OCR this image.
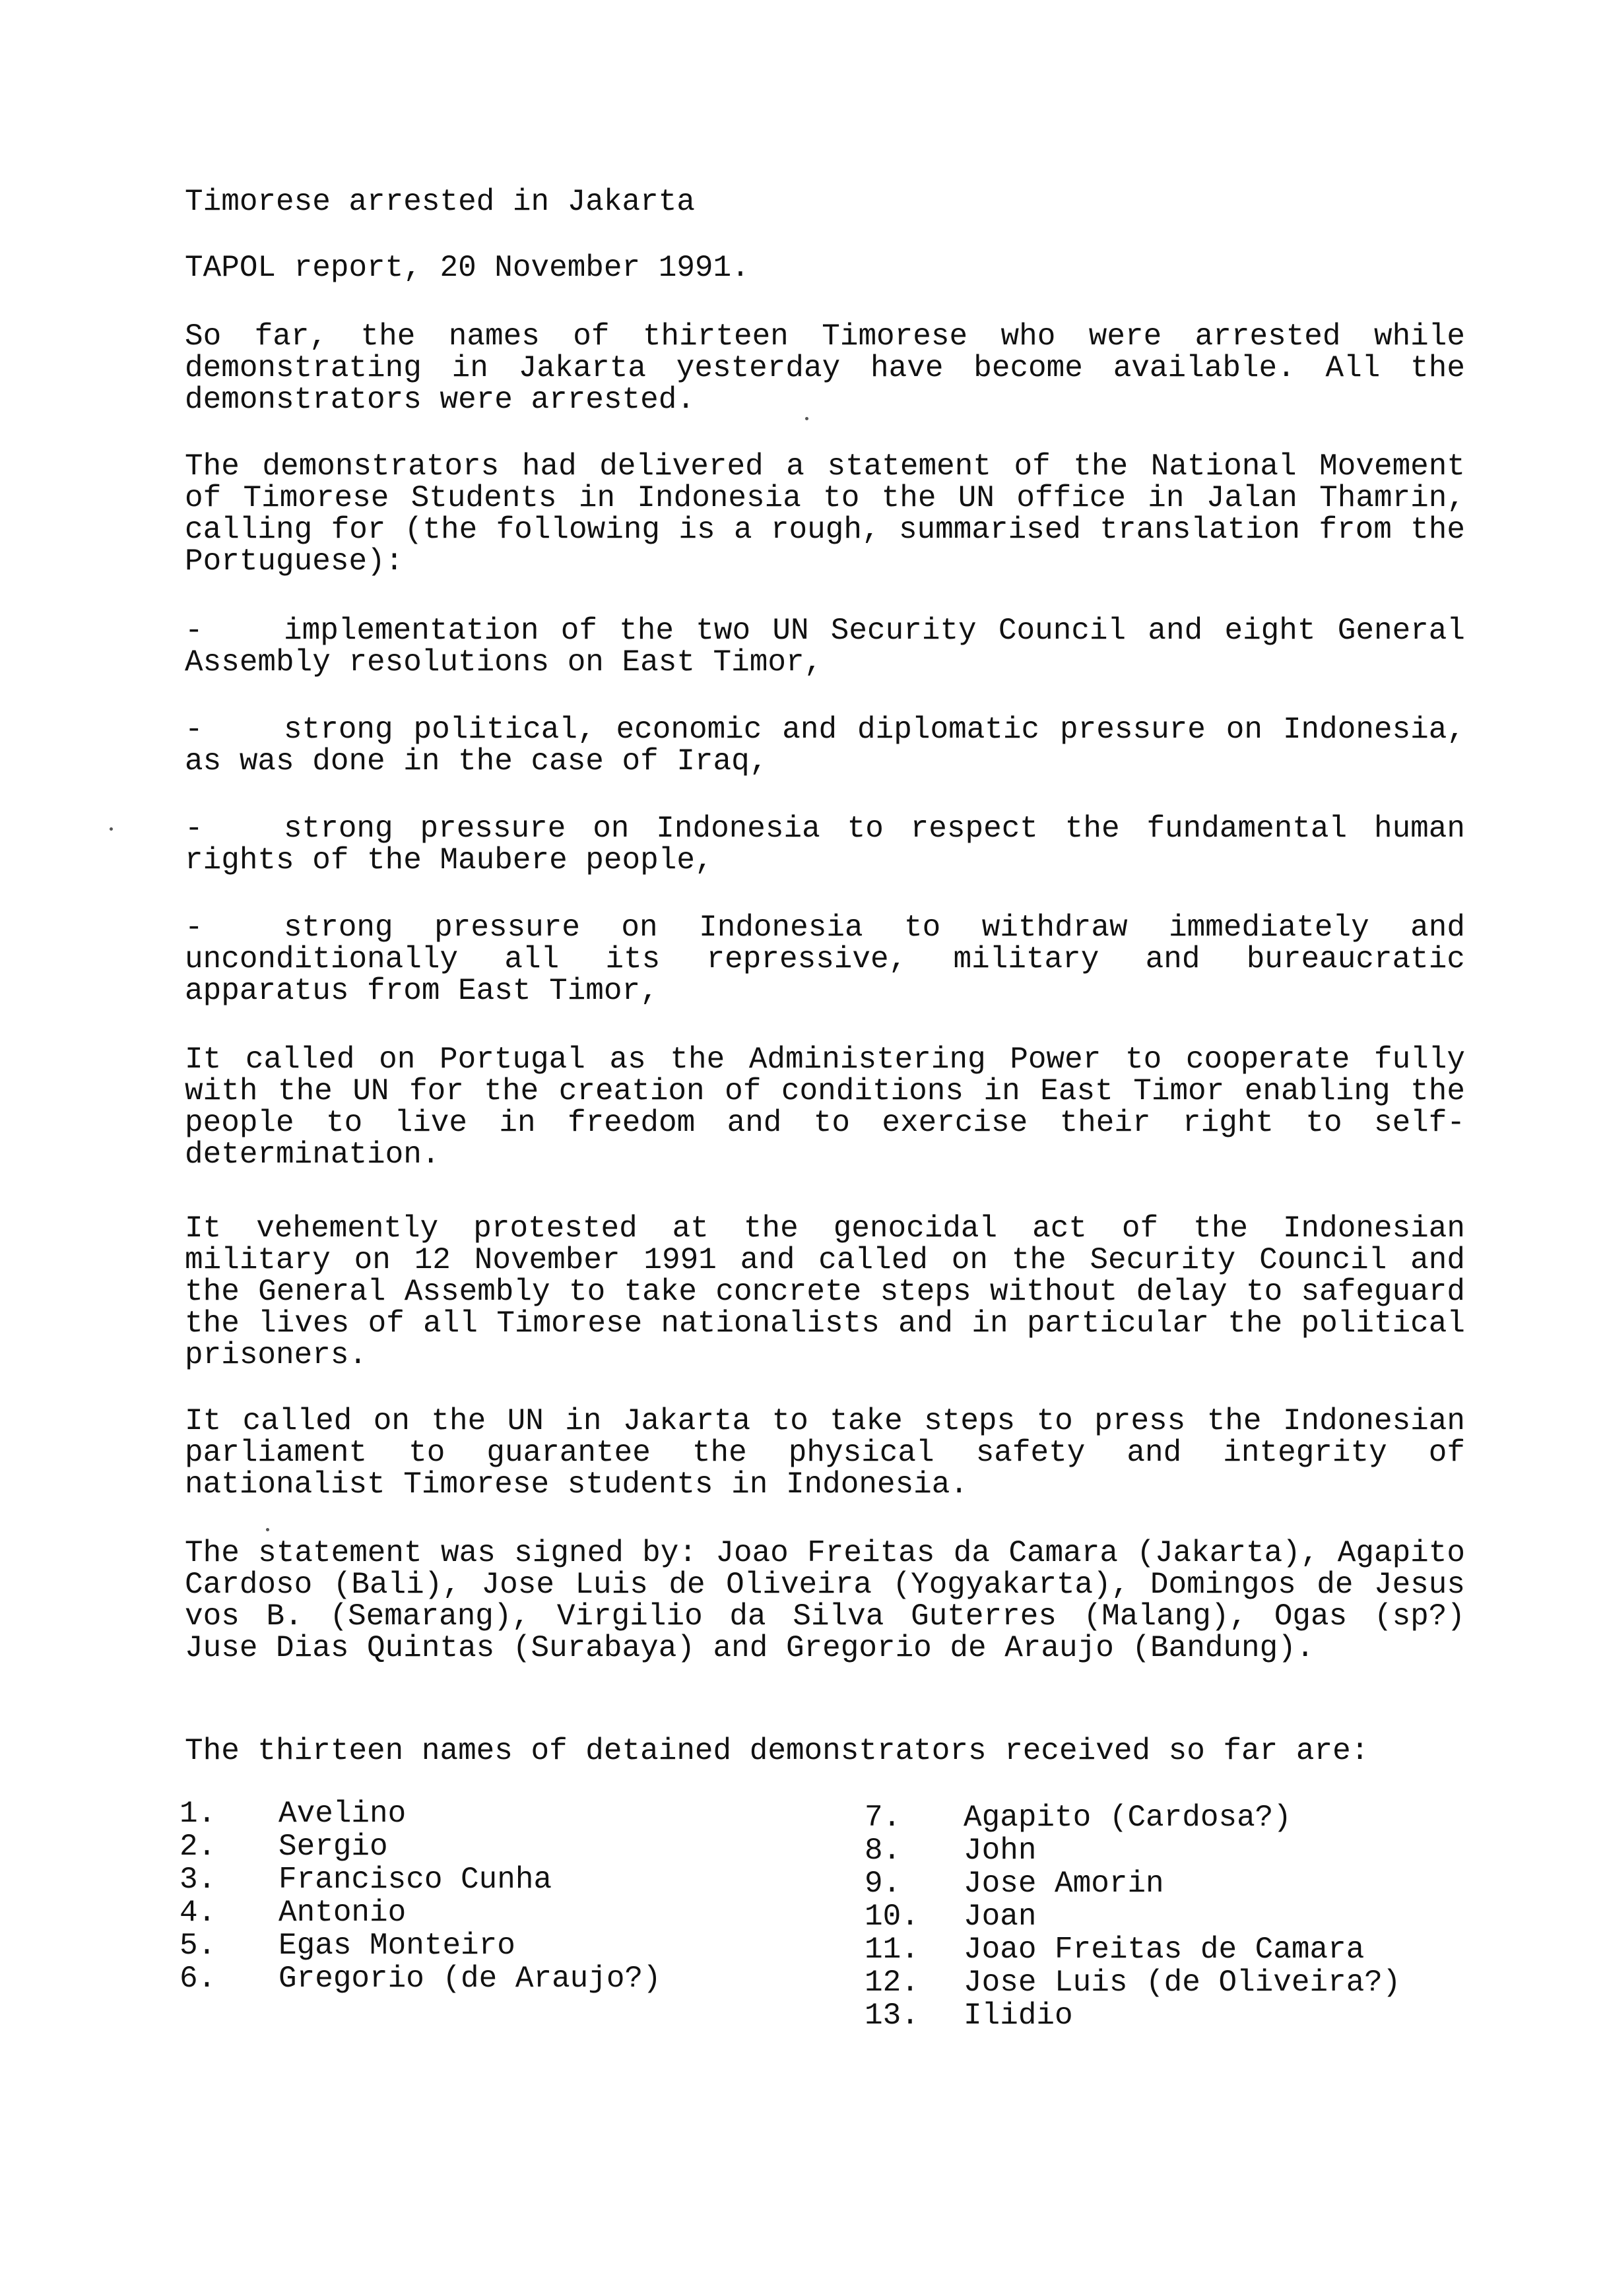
Timorese arrested in Jakarta

TAPOL report, 20 November 1991.

So far, the names of thirteen Timorese who were arrested while demonstrating in Jakarta yesterday have become available. All the demonstrators were arrested.

The demonstrators had delivered a statement of the National Movement of Timorese Students in Indonesia to the UN office in Jalan Thamrin, calling for (the following is a rough, summarised translation from the Portuguese):

-	implementation of the two UN Security Council and eight General Assembly resolutions on East Timor,

-	strong political, economic and diplomatic pressure on Indonesia, as was done in the case of Iraq,

-	strong pressure on Indonesia to respect the fundamental human rights of the Maubere people,

-	strong pressure on Indonesia to withdraw immediately and unconditionally all its repressive, military and bureaucratic apparatus from East Timor,

It called on Portugal as the Administering Power to cooperate fully with the UN for the creation of conditions in East Timor enabling the people to live in freedom and to exercise their right to self-determination.

It vehemently protested at the genocidal act of the Indonesian military on 12 November 1991 and called on the Security Council and the General Assembly to take concrete steps without delay to safeguard the lives of all Timorese nationalists and in particular the political prisoners.

It called on the UN in Jakarta to take steps to press the Indonesian parliament to guarantee the physical safety and integrity of nationalist Timorese students in Indonesia.

The statement was signed by: Joao Freitas da Camara (Jakarta), Agapito Cardoso (Bali), Jose Luis de Oliveira (Yogyakarta), Domingos de Jesus vos B. (Semarang), Virgilio da Silva Guterres (Malang), Ogas (sp?) Juse Dias Quintas (Surabaya) and Gregorio de Araujo (Bandung).

The thirteen names of detained demonstrators received so far are:

1.	Avelino
2.	Sergio
3.	Francisco Cunha
4.	Antonio
5.	Egas Monteiro
6.	Gregorio (de Araujo?)
7.	Agapito (Cardosa?)
8.	John
9.	Jose Amorin
10.	Joan
11.	Joao Freitas de Camara
12.	Jose Luis (de Oliveira?)
13.	Ilidio
